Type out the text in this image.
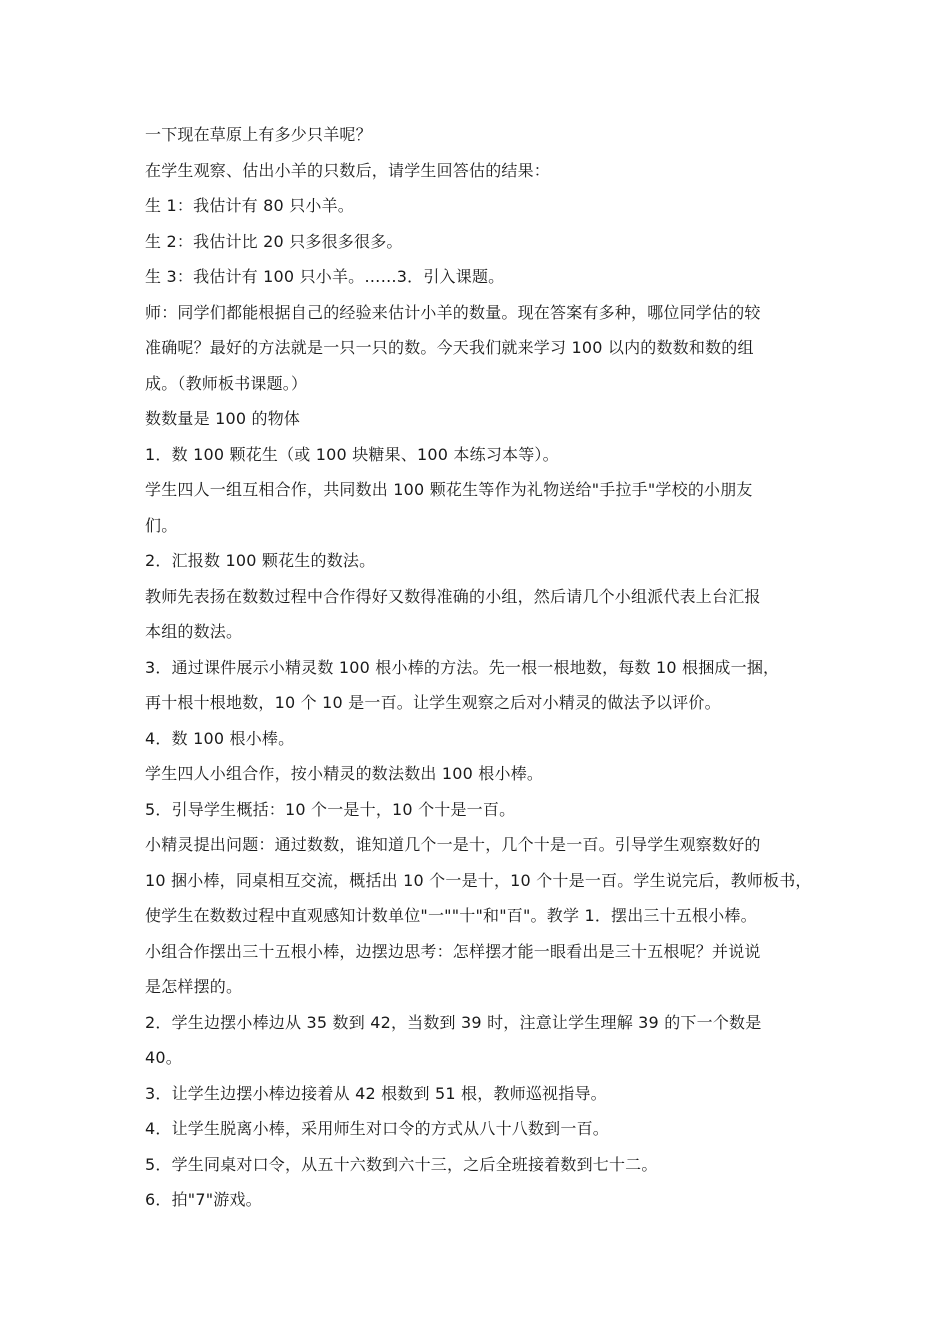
一下现在草原上有多少只羊呢？
在学生观察、估出小羊的只数后，请学生回答估的结果：
生 1：我估计有 80 只小羊。
生 2：我估计比 20 只多很多很多。
生 3：我估计有 100 只小羊。……3．引入课题。
师：同学们都能根据自己的经验来估计小羊的数量。现在答案有多种，哪位同学估的较
准确呢？最好的方法就是一只一只的数。今天我们就来学习 100 以内的数数和数的组
成。（教师板书课题。）
数数量是 100 的物体
1．数 100 颗花生（或 100 块糖果、100 本练习本等）。
学生四人一组互相合作，共同数出 100 颗花生等作为礼物送给"手拉手"学校的小朋友
们。
2．汇报数 100 颗花生的数法。
教师先表扬在数数过程中合作得好又数得准确的小组，然后请几个小组派代表上台汇报
本组的数法。
3．通过课件展示小精灵数 100 根小棒的方法。先一根一根地数，每数 10 根捆成一捆，
再十根十根地数，10 个 10 是一百。让学生观察之后对小精灵的做法予以评价。
4．数 100 根小棒。
学生四人小组合作，按小精灵的数法数出 100 根小棒。
5．引导学生概括：10 个一是十，10 个十是一百。
小精灵提出问题：通过数数，谁知道几个一是十，几个十是一百。引导学生观察数好的
10 捆小棒，同桌相互交流，概括出 10 个一是十，10 个十是一百。学生说完后，教师板书，
使学生在数数过程中直观感知计数单位"一""十"和"百"。教学 1．摆出三十五根小棒。
小组合作摆出三十五根小棒，边摆边思考：怎样摆才能一眼看出是三十五根呢？并说说
是怎样摆的。
2．学生边摆小棒边从 35 数到 42，当数到 39 时，注意让学生理解 39 的下一个数是
40。
3．让学生边摆小棒边接着从 42 根数到 51 根，教师巡视指导。
4．让学生脱离小棒，采用师生对口令的方式从八十八数到一百。
5．学生同桌对口令，从五十六数到六十三，之后全班接着数到七十二。
6．拍"7"游戏。
